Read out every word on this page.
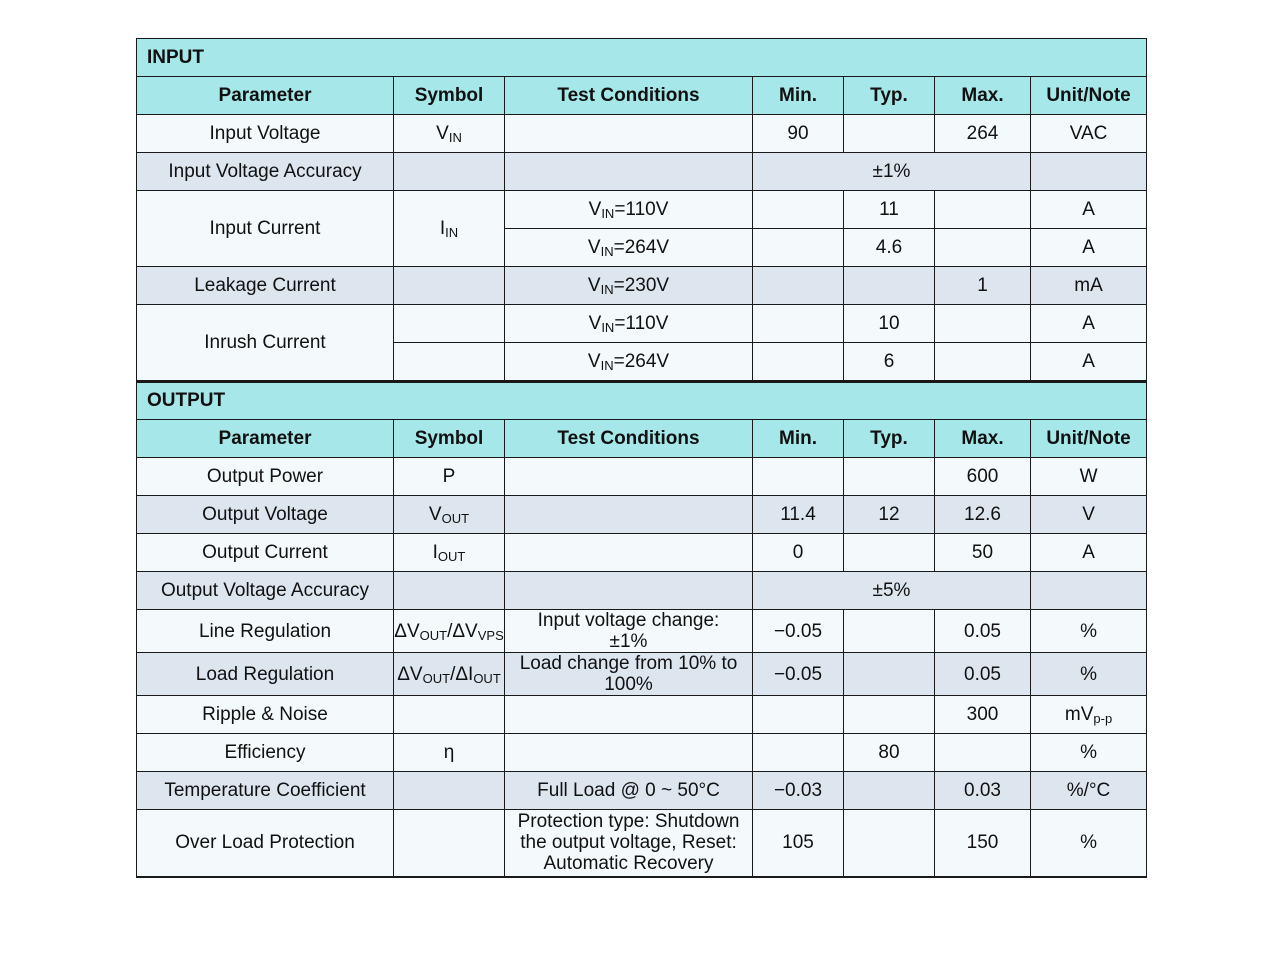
INPUT						
Parameter	Symbol	Test Conditions	Min.	Typ.	Max.	Unit/Note
Input Voltage	$V_{IN}$		90		264	VAC
Input Voltage Accuracy			±1%			
Input Current	$I_{IN}$	$V_{IN}=110V$		11		A
		$V_{IN}=264V$		4.6		A
Leakage Current		$V_{IN}=230V$			1	mA
Inrush Current		$V_{IN}=110V$		10		A
		$V_{IN}=264V$		6		A
OUTPUT						
Parameter	Symbol	Test Conditions	Min.	Typ.	Max.	Unit/Note
Output Power	P				600	W
Output Voltage	$V_{OUT}$		11.4	12	12.6	V
Output Current	$I_{OUT}$		0		50	A
Output Voltage Accuracy			±5%			
Line Regulation	$\Delta V_{OUT}/\Delta V_{VPS}$	Input voltage change: ±1%	−0.05		0.05	%
Load Regulation	$\Delta V_{OUT}/\Delta I_{OUT}$	Load change from 10% to 100%	−0.05		0.05	%
Ripple & Noise					300	$mV_{p-p}$
Efficiency	η			80		%
Temperature Coefficient		Full Load @ 0 ~ 50°C	−0.03		0.03	%/°C
Over Load Protection		Protection type: Shutdown the output voltage, Reset: Automatic Recovery	105		150	%
